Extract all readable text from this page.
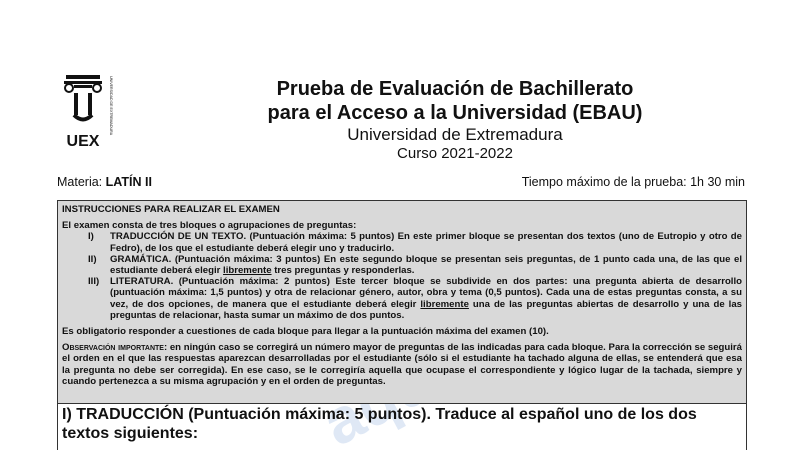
UEX
UNIVERSIDAD DE EXTREMADURA	Prueba de Evaluación de Bachillerato
para el Acceso a la Universidad (EBAU)
Universidad de Extremadura
Curso 2021-2022
Materia: LATÍN II	Tiempo máximo de la prueba: 1h 30 min

INSTRUCCIONES PARA REALIZAR EL EXAMEN

El examen consta de tres bloques o agrupaciones de preguntas:

I)	TRADUCCIÓN DE UN TEXTO. (Puntuación máxima: 5 puntos) En este primer bloque se presentan dos textos (uno de Eutropio y otro de Fedro), de los que el estudiante deberá elegir uno y traducirlo.
II)	GRAMÁTICA. (Puntuación máxima: 3 puntos) En este segundo bloque se presentan seis preguntas, de 1 punto cada una, de las que el estudiante deberá elegir libremente tres preguntas y responderlas.
III)	LITERATURA. (Puntuación máxima: 2 puntos) Este tercer bloque se subdivide en dos partes: una pregunta abierta de desarrollo (puntuación máxima: 1,5 puntos) y otra de relacionar género, autor, obra y tema (0,5 puntos). Cada una de estas preguntas consta, a su vez, de dos opciones, de manera que el estudiante deberá elegir libremente una de las preguntas abiertas de desarrollo y una de las preguntas de relacionar, hasta sumar un máximo de dos puntos.

Es obligatorio responder a cuestiones de cada bloque para llegar a la puntuación máxima del examen (10).

Observación importante: en ningún caso se corregirá un número mayor de preguntas de las indicadas para cada bloque. Para la corrección se seguirá el orden en el que las respuestas aparezcan desarrolladas por el estudiante (sólo si el estudiante ha tachado alguna de ellas, se entenderá que esa la pregunta no debe ser corregida). En ese caso, se le corregiría aquella que ocupase el correspondiente y lógico lugar de la tachada, siempre y cuando pertenezca a su misma agrupación y en el orden de preguntas.

I) TRADUCCIÓN (Puntuación máxima: 5 puntos). Traduce al español uno de los dos textos siguientes:
